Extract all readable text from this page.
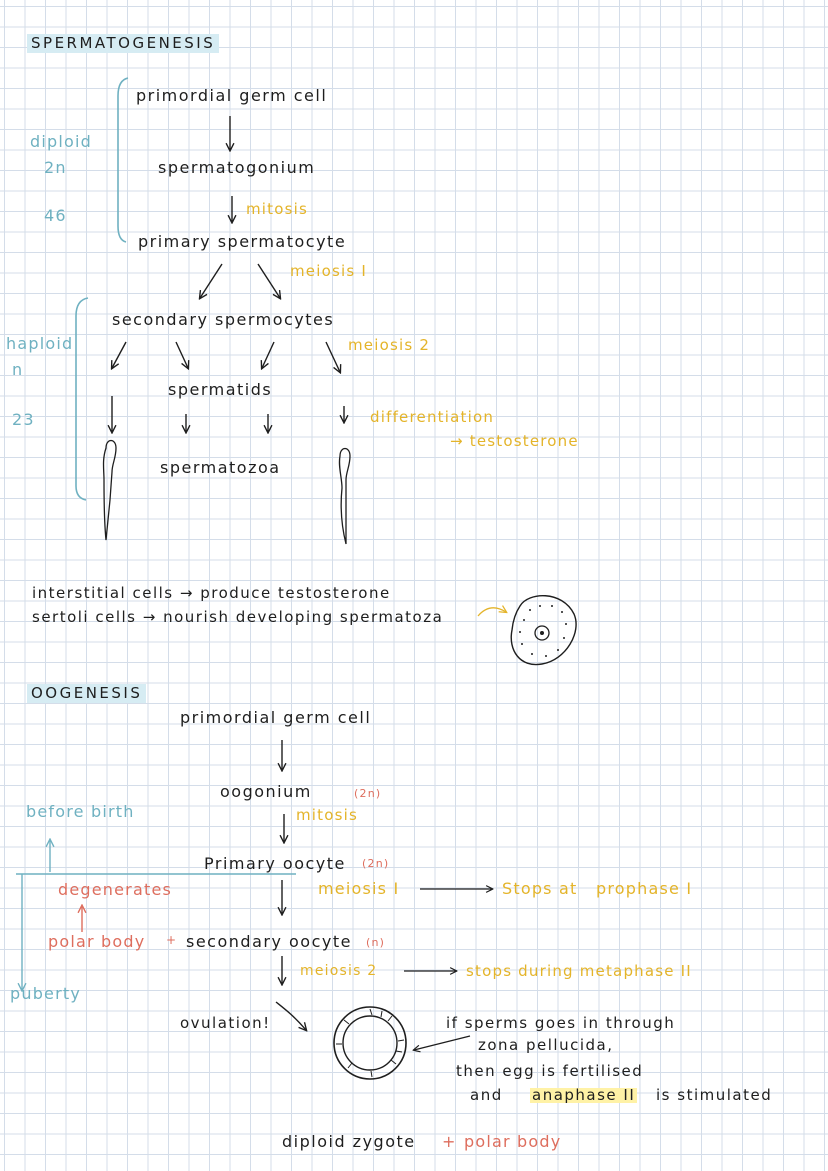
SPERMATOGENESIS
diploid
2n
46
primordial germ cell
spermatogonium
mitosis
primary spermatocyte
meiosis I
haploid
n
23
secondary spermocytes
meiosis 2
spermatids
differentiation
→ testosterone
spermatozoa
interstitial cells → produce testosterone
sertoli cells → nourish developing spermatoza
OOGENESIS
primordial germ cell
oogonium	(2n)
mitosis
before birth
Primary oocyte (2n)
degenerates	meiosis I	Stops at prophase I
polar body + secondary oocyte (n)
meiosis 2	stops during metaphase II
puberty
ovulation!	if sperms goes in through
zona pellucida,
then egg is fertilised
and anaphase II is stimulated
diploid zygote + polar body
